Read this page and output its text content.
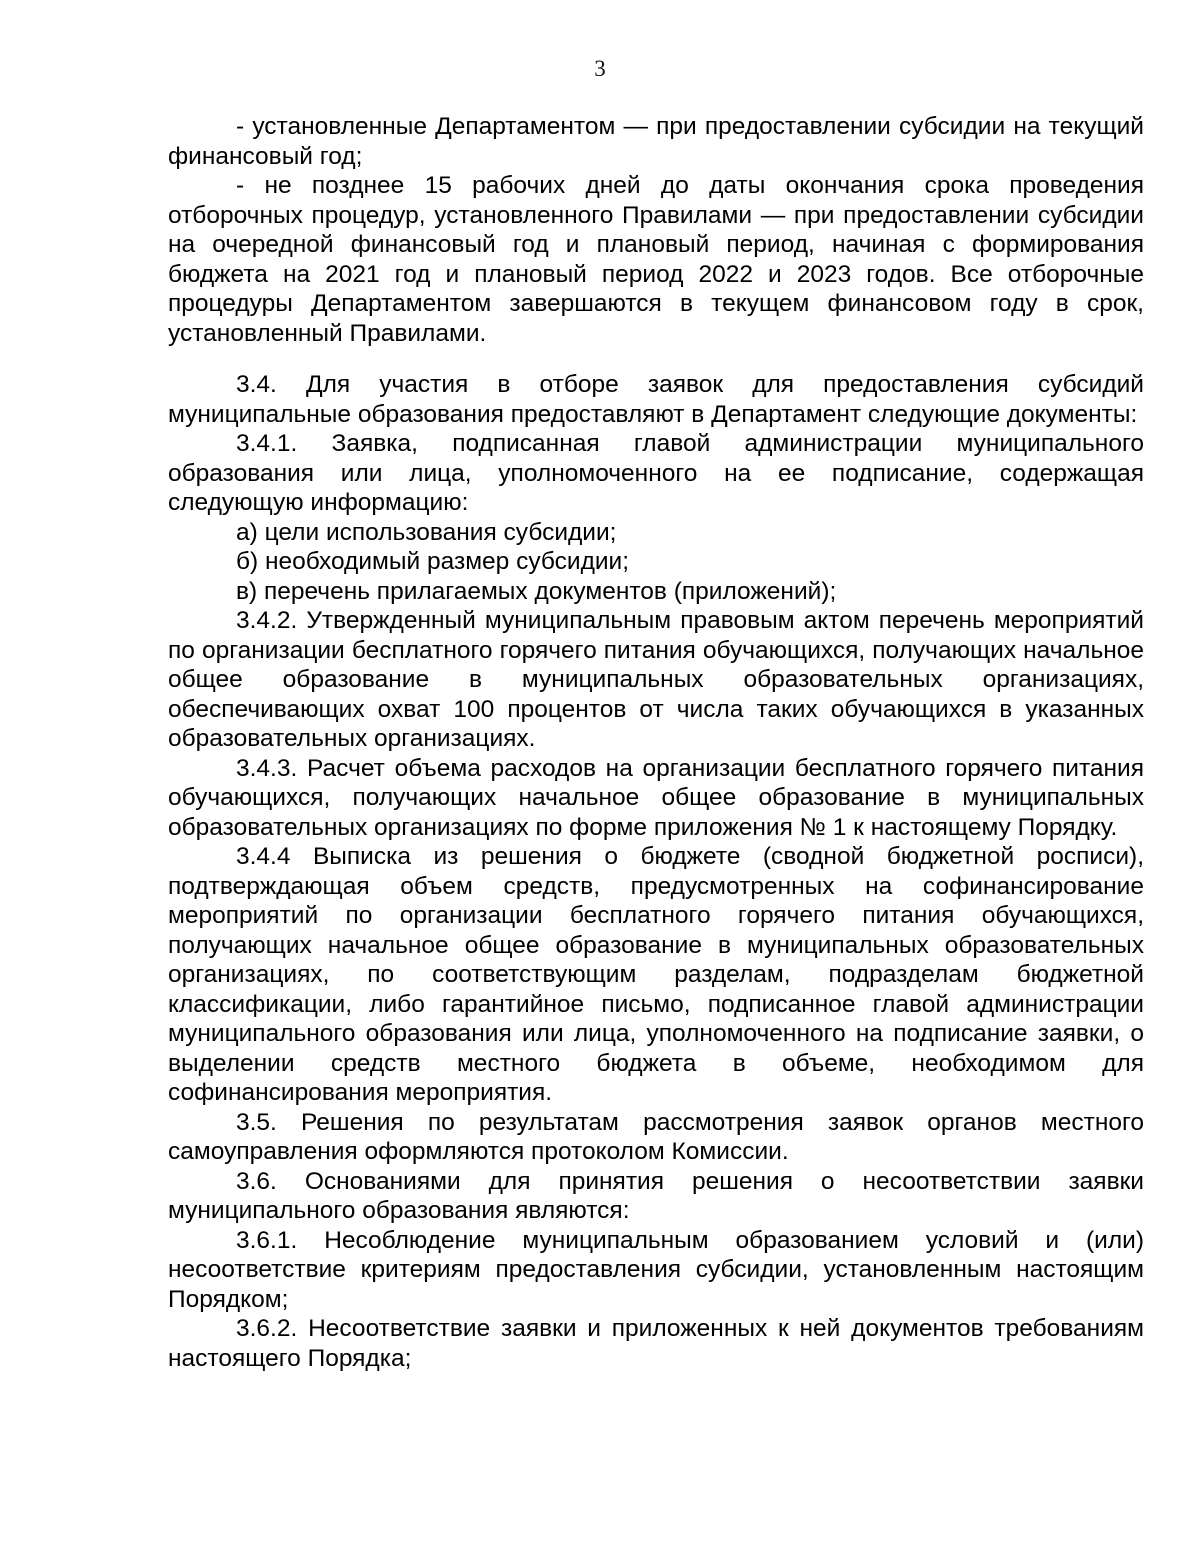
3

- установленные Департаментом — при предоставлении субсидии на текущий финансовый год;

- не позднее 15 рабочих дней до даты окончания срока проведения отборочных процедур, установленного Правилами — при предоставлении субсидии на очередной финансовый год и плановый период, начиная с формирования бюджета на 2021 год и плановый период 2022 и 2023 годов. Все отборочные процедуры Департаментом завершаются в текущем финансовом году в срок, установленный Правилами.

3.4. Для участия в отборе заявок для предоставления субсидий муниципальные образования предоставляют в Департамент следующие документы:

3.4.1. Заявка, подписанная главой администрации муниципального образования или лица, уполномоченного на ее подписание, содержащая следующую информацию:

а) цели использования субсидии;

б) необходимый размер субсидии;

в) перечень прилагаемых документов (приложений);

3.4.2. Утвержденный муниципальным правовым актом перечень мероприятий по организации бесплатного горячего питания обучающихся, получающих начальное общее образование в муниципальных образовательных организациях, обеспечивающих охват 100 процентов от числа таких обучающихся в указанных образовательных организациях.

3.4.3. Расчет объема расходов на организации бесплатного горячего питания обучающихся, получающих начальное общее образование в муниципальных образовательных организациях по форме приложения № 1 к настоящему Порядку.

3.4.4 Выписка из решения о бюджете (сводной бюджетной росписи), подтверждающая объем средств, предусмотренных на софинансирование мероприятий по организации бесплатного горячего питания обучающихся, получающих начальное общее образование в муниципальных образовательных организациях, по соответствующим разделам, подразделам бюджетной классификации, либо гарантийное письмо, подписанное главой администрации муниципального образования или лица, уполномоченного на подписание заявки, о выделении средств местного бюджета в объеме, необходимом для софинансирования мероприятия.

3.5. Решения по результатам рассмотрения заявок органов местного самоуправления оформляются протоколом Комиссии.

3.6. Основаниями для принятия решения о несоответствии заявки муниципального образования являются:

3.6.1. Несоблюдение муниципальным образованием условий и (или) несоответствие критериям предоставления субсидии, установленным настоящим Порядком;

3.6.2. Несоответствие заявки и приложенных к ней документов требованиям настоящего Порядка;
